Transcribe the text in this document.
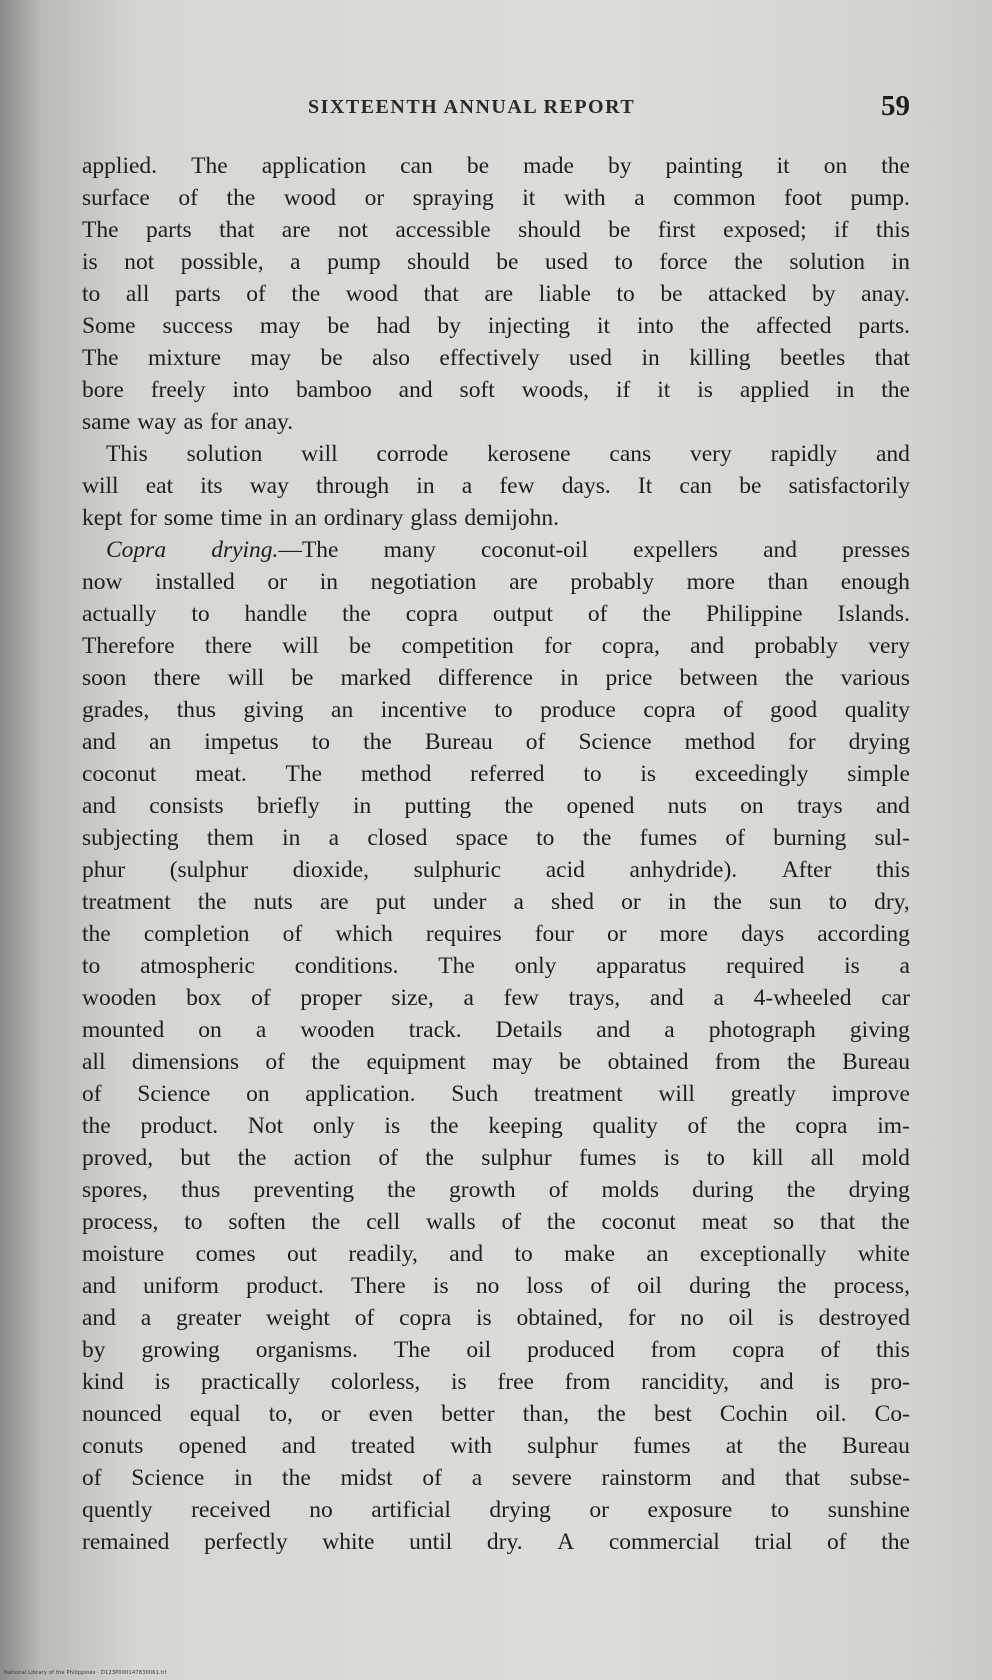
SIXTEENTH ANNUAL REPORT	59
applied. The application can be made by painting it on the
surface of the wood or spraying it with a common foot pump.
The parts that are not accessible should be first exposed; if this
is not possible, a pump should be used to force the solution in
to all parts of the wood that are liable to be attacked by anay.
Some success may be had by injecting it into the affected parts.
The mixture may be also effectively used in killing beetles that
bore freely into bamboo and soft woods, if it is applied in the
same way as for anay.
This solution will corrode kerosene cans very rapidly and
will eat its way through in a few days. It can be satisfactorily
kept for some time in an ordinary glass demijohn.
Copra drying.—The many coconut-oil expellers and presses
now installed or in negotiation are probably more than enough
actually to handle the copra output of the Philippine Islands.
Therefore there will be competition for copra, and probably very
soon there will be marked difference in price between the various
grades, thus giving an incentive to produce copra of good quality
and an impetus to the Bureau of Science method for drying
coconut meat. The method referred to is exceedingly simple
and consists briefly in putting the opened nuts on trays and
subjecting them in a closed space to the fumes of burning sul-
phur (sulphur dioxide, sulphuric acid anhydride). After this
treatment the nuts are put under a shed or in the sun to dry,
the completion of which requires four or more days according
to atmospheric conditions. The only apparatus required is a
wooden box of proper size, a few trays, and a 4-wheeled car
mounted on a wooden track. Details and a photograph giving
all dimensions of the equipment may be obtained from the Bureau
of Science on application. Such treatment will greatly improve
the product. Not only is the keeping quality of the copra im-
proved, but the action of the sulphur fumes is to kill all mold
spores, thus preventing the growth of molds during the drying
process, to soften the cell walls of the coconut meat so that the
moisture comes out readily, and to make an exceptionally white
and uniform product. There is no loss of oil during the process,
and a greater weight of copra is obtained, for no oil is destroyed
by growing organisms. The oil produced from copra of this
kind is practically colorless, is free from rancidity, and is pro-
nounced equal to, or even better than, the best Cochin oil. Co-
conuts opened and treated with sulphur fumes at the Bureau
of Science in the midst of a severe rainstorm and that subse-
quently received no artificial drying or exposure to sunshine
remained perfectly white until dry. A commercial trial of the
National Library of the Philippines · D123P000147830061.tif
